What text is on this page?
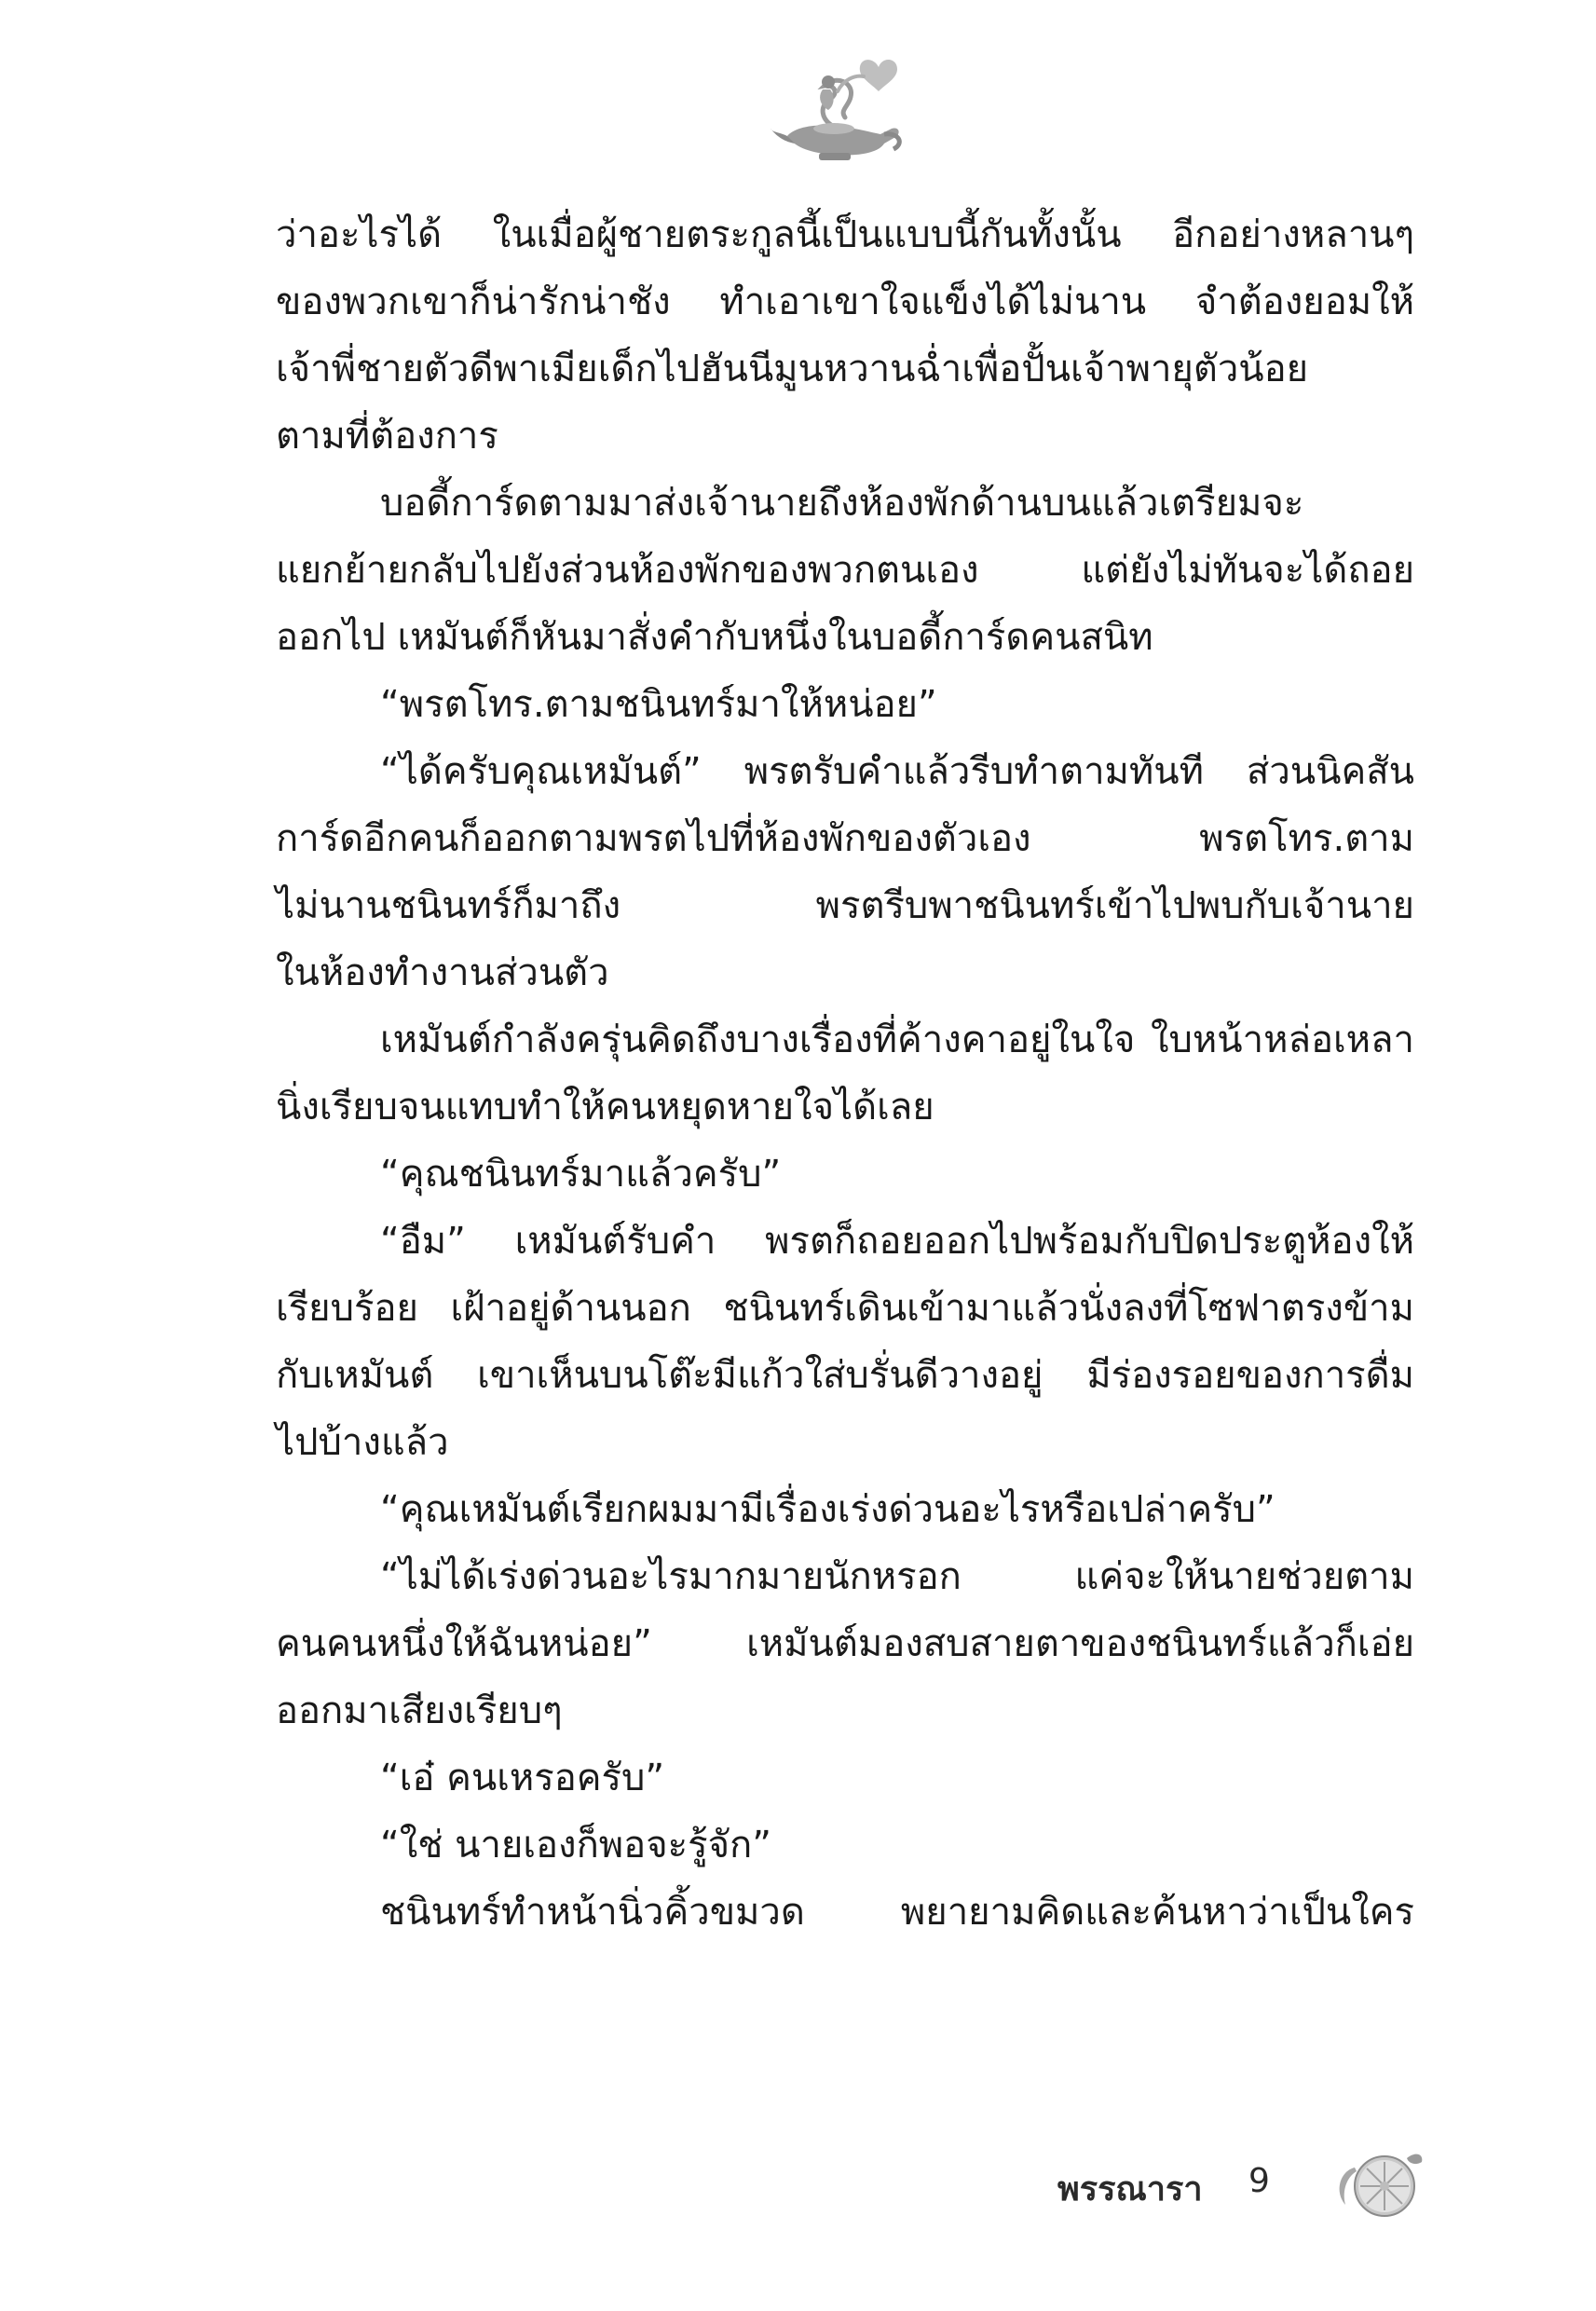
ว่าอะไรได้ ในเมื่อผู้ชายตระกูลนี้เป็นแบบนี้กันทั้งนั้น อีกอย่างหลานๆ
ของพวกเขาก็น่ารักน่าชัง ทำเอาเขาใจแข็งได้ไม่นาน จำต้องยอมให้
เจ้าพี่ชายตัวดีพาเมียเด็กไปฮันนีมูนหวานฉ่ำเพื่อปั้นเจ้าพายุตัวน้อย
ตามที่ต้องการ
บอดี้การ์ดตามมาส่งเจ้านายถึงห้องพักด้านบนแล้วเตรียมจะ
แยกย้ายกลับไปยังส่วนห้องพักของพวกตนเอง แต่ยังไม่ทันจะได้ถอย
ออกไป เหมันต์ก็หันมาสั่งคำกับหนึ่งในบอดี้การ์ดคนสนิท
“พรตโทร.ตามชนินทร์มาให้หน่อย”
“ได้ครับคุณเหมันต์” พรตรับคำแล้วรีบทำตามทันที ส่วนนิคสัน
การ์ดอีกคนก็ออกตามพรตไปที่ห้องพักของตัวเอง พรตโทร.ตาม
ไม่นานชนินทร์ก็มาถึง พรตรีบพาชนินทร์เข้าไปพบกับเจ้านาย
ในห้องทำงานส่วนตัว
เหมันต์กำลังครุ่นคิดถึงบางเรื่องที่ค้างคาอยู่ในใจ ใบหน้าหล่อเหลา
นิ่งเรียบจนแทบทำให้คนหยุดหายใจได้เลย
“คุณชนินทร์มาแล้วครับ”
“อืม” เหมันต์รับคำ พรตก็ถอยออกไปพร้อมกับปิดประตูห้องให้
เรียบร้อย เฝ้าอยู่ด้านนอก ชนินทร์เดินเข้ามาแล้วนั่งลงที่โซฟาตรงข้าม
กับเหมันต์ เขาเห็นบนโต๊ะมีแก้วใส่บรั่นดีวางอยู่ มีร่องรอยของการดื่ม
ไปบ้างแล้ว
“คุณเหมันต์เรียกผมมามีเรื่องเร่งด่วนอะไรหรือเปล่าครับ”
“ไม่ได้เร่งด่วนอะไรมากมายนักหรอก แค่จะให้นายช่วยตาม
คนคนหนึ่งให้ฉันหน่อย” เหมันต์มองสบสายตาของชนินทร์แล้วก็เอ่ย
ออกมาเสียงเรียบๆ
“เอ๋ คนเหรอครับ”
“ใช่ นายเองก็พอจะรู้จัก”
ชนินทร์ทำหน้านิ่วคิ้วขมวด พยายามคิดและค้นหาว่าเป็นใคร
พรรณารา 9
